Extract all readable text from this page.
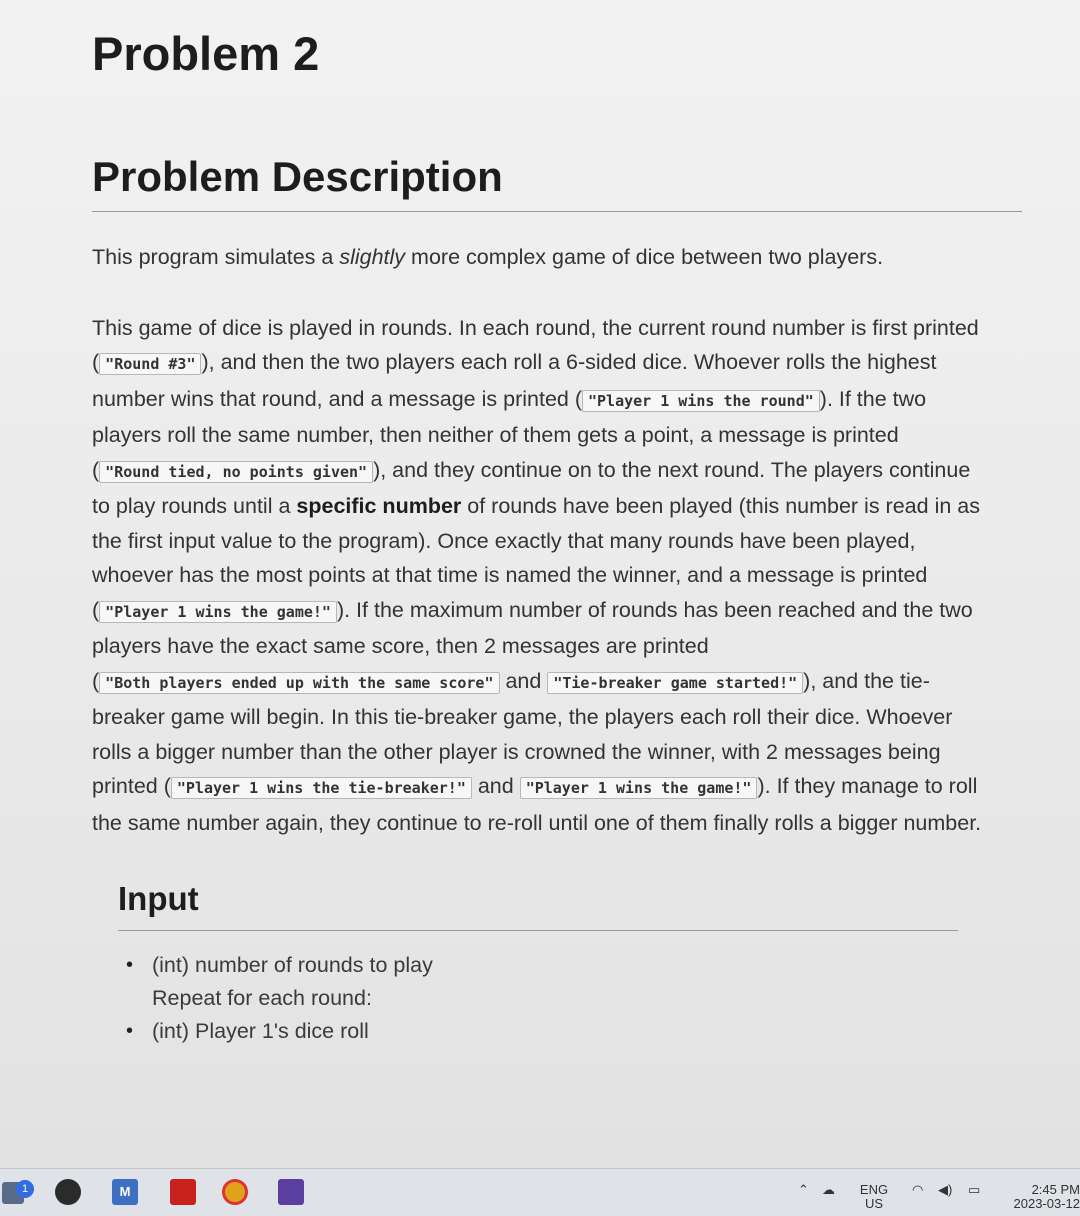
Problem 2
Problem Description

This program simulates a slightly more complex game of dice between two players.

This game of dice is played in rounds. In each round, the current round number is first printed ( "Round #3" ), and then the two players each roll a 6-sided dice. Whoever rolls the highest number wins that round, and a message is printed ( "Player 1 wins the round" ). If the two players roll the same number, then neither of them gets a point, a message is printed ( "Round tied, no points given" ), and they continue on to the next round. The players continue to play rounds until a specific number of rounds have been played (this number is read in as the first input value to the program). Once exactly that many rounds have been played, whoever has the most points at that time is named the winner, and a message is printed ( "Player 1 wins the game!" ). If the maximum number of rounds has been reached and the two players have the exact same score, then 2 messages are printed ( "Both players ended up with the same score" and "Tie-breaker game started!" ), and the tie-breaker game will begin. In this tie-breaker game, the players each roll their dice. Whoever rolls a bigger number than the other player is crowned the winner, with 2 messages being printed ( "Player 1 wins the tie-breaker!" and "Player 1 wins the game!" ). If they manage to roll the same number again, they continue to re-roll until one of them finally rolls a bigger number.

Input
• (int) number of rounds to play
Repeat for each round:
• (int) Player 1's dice roll
1	M	⌃ ☁	ENG
US
◠ ◀) ▭	2:45 PM
2023-03-12
